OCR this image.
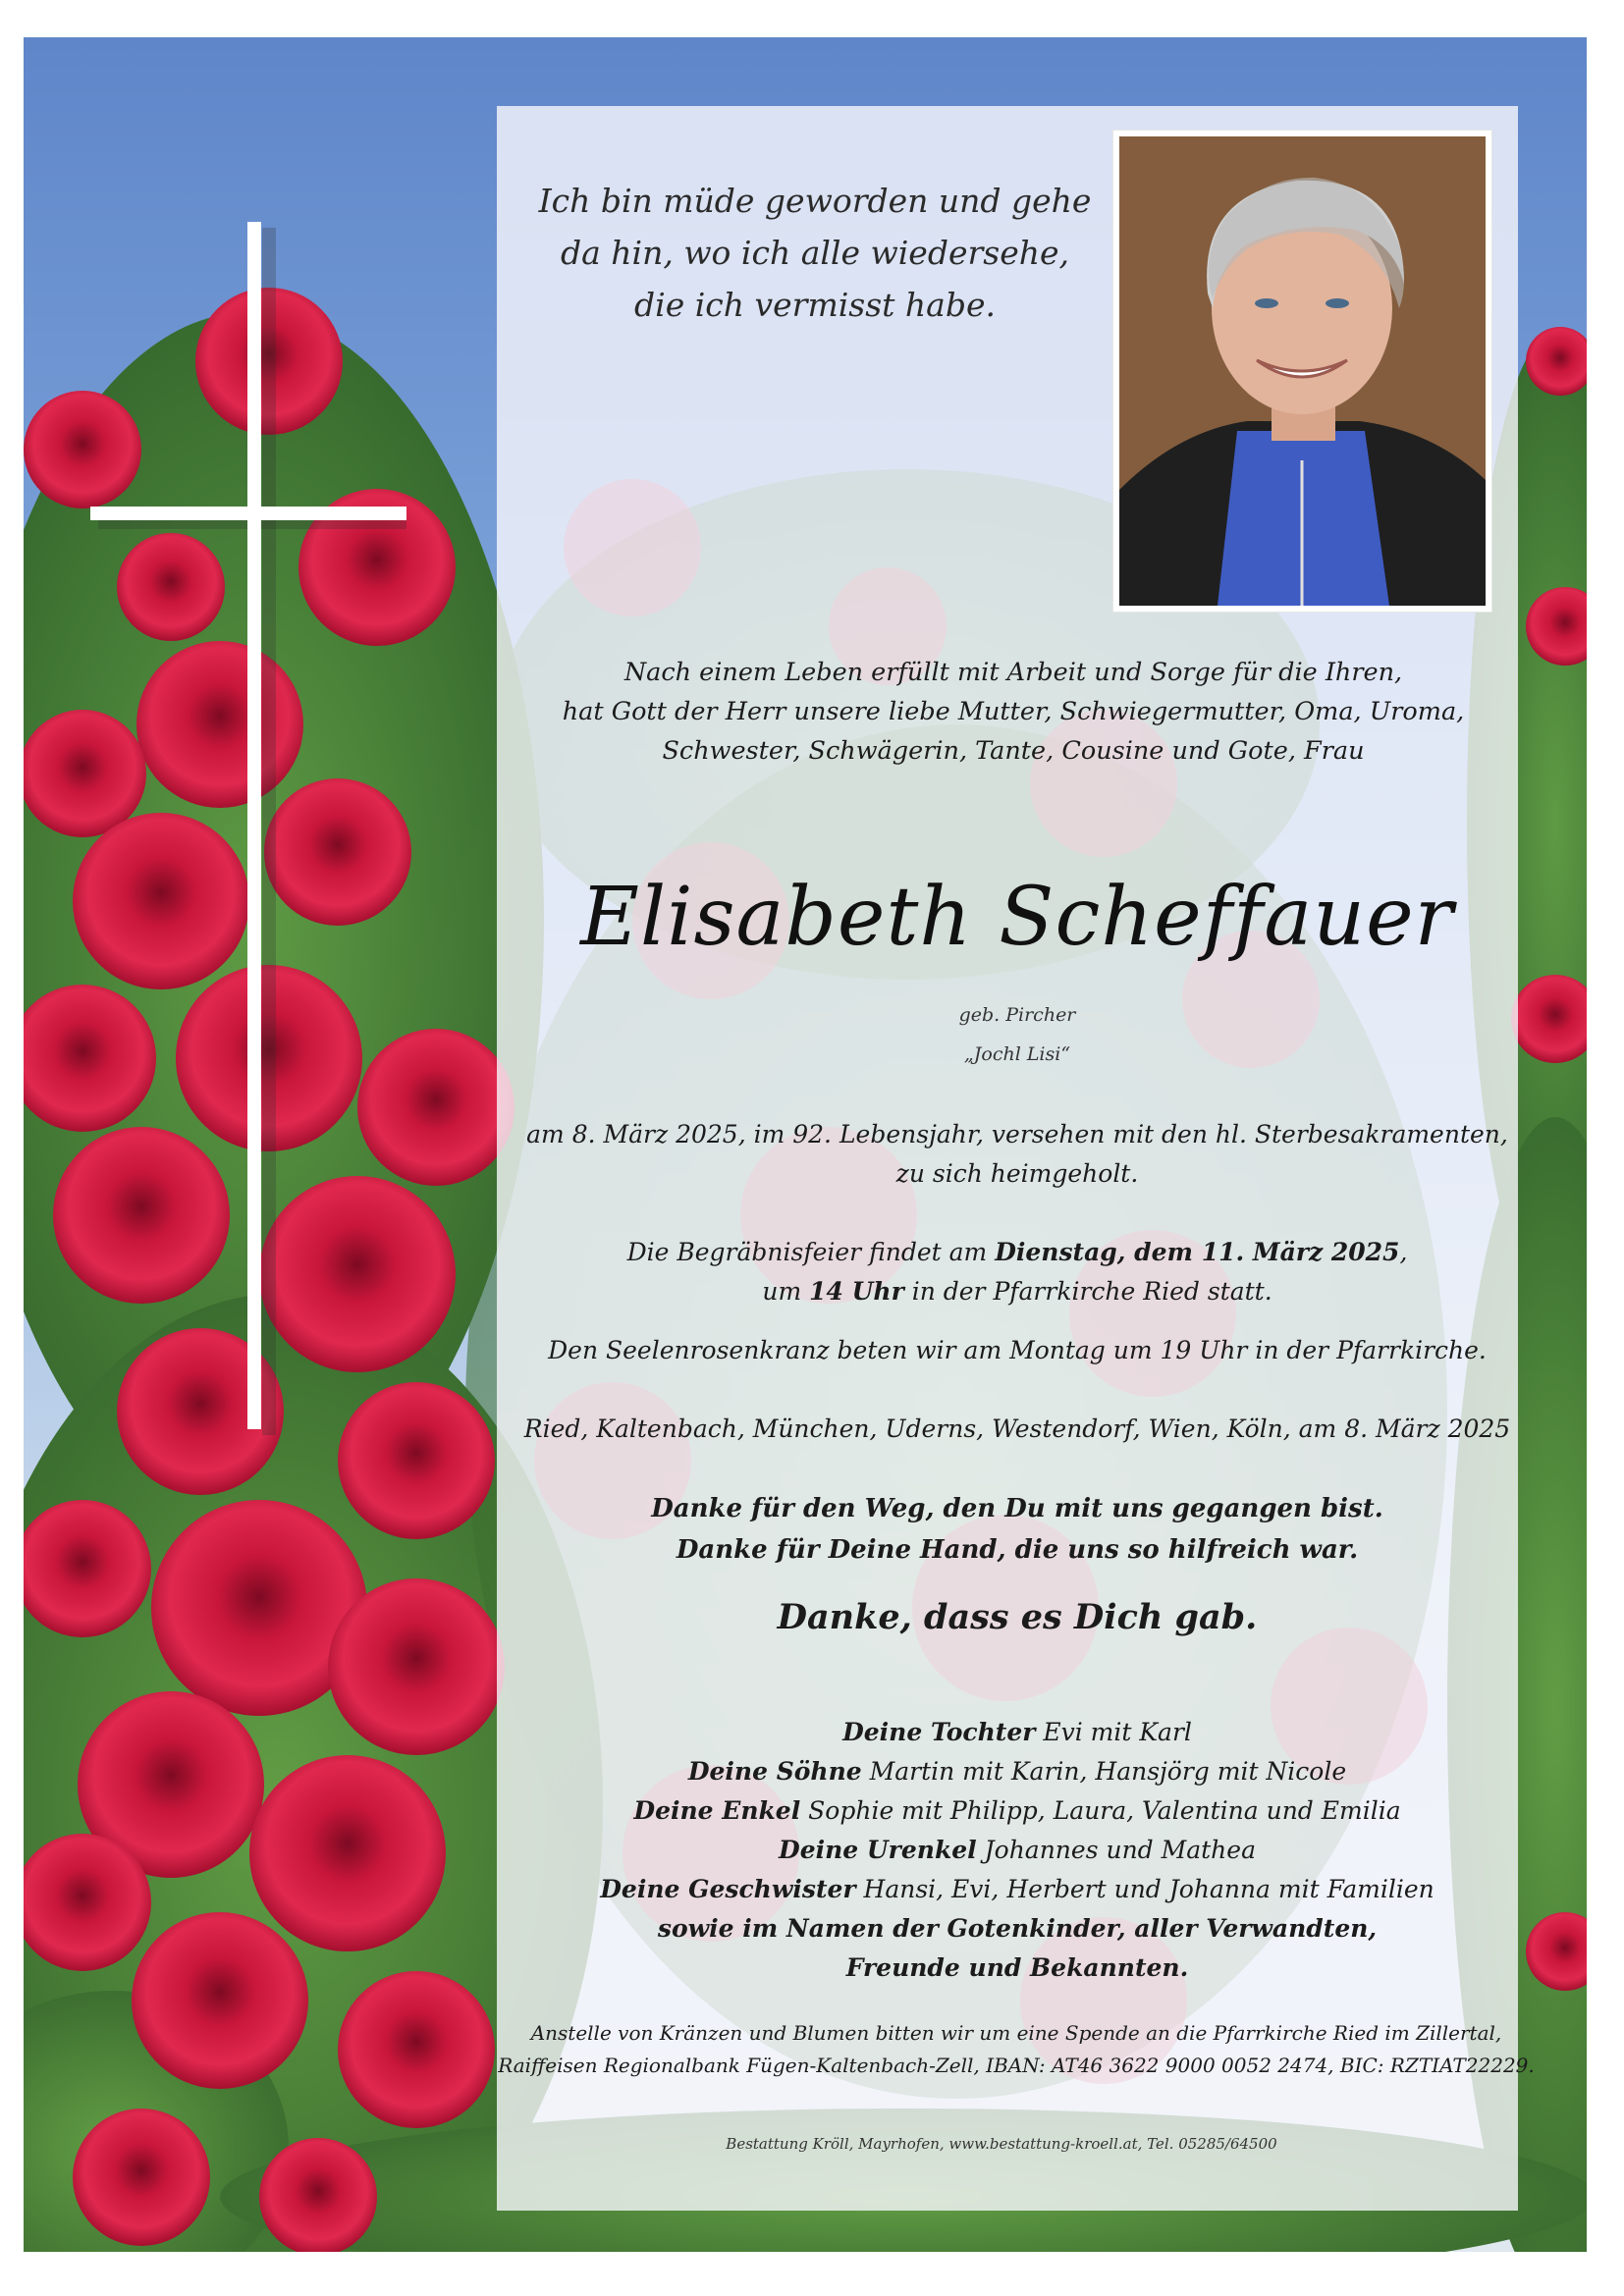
Ich bin müde geworden und gehe
da hin, wo ich alle wiedersehe,
die ich vermisst habe.
Nach einem Leben erfüllt mit Arbeit und Sorge für die Ihren,
hat Gott der Herr unsere liebe Mutter, Schwiegermutter, Oma, Uroma,
Schwester, Schwägerin, Tante, Cousine und Gote, Frau
Elisabeth Scheffauer
geb. Pircher
„Jochl Lisi“
am 8. März 2025, im 92. Lebensjahr, versehen mit den hl. Sterbesakramenten,
zu sich heimgeholt.
Die Begräbnisfeier findet am Dienstag, dem 11. März 2025,
um 14 Uhr in der Pfarrkirche Ried statt.
Den Seelenrosenkranz beten wir am Montag um 19 Uhr in der Pfarrkirche.
Ried, Kaltenbach, München, Uderns, Westendorf, Wien, Köln, am 8. März 2025
Danke für den Weg, den Du mit uns gegangen bist.
Danke für Deine Hand, die uns so hilfreich war.
Danke, dass es Dich gab.
Deine Tochter Evi mit Karl
Deine Söhne Martin mit Karin, Hansjörg mit Nicole
Deine Enkel Sophie mit Philipp, Laura, Valentina und Emilia
Deine Urenkel Johannes und Mathea
Deine Geschwister Hansi, Evi, Herbert und Johanna mit Familien
sowie im Namen der Gotenkinder, aller Verwandten,
Freunde und Bekannten.
Anstelle von Kränzen und Blumen bitten wir um eine Spende an die Pfarrkirche Ried im Zillertal,
Raiffeisen Regionalbank Fügen-Kaltenbach-Zell, IBAN: AT46 3622 9000 0052 2474, BIC: RZTIAT22229.
Bestattung Kröll, Mayrhofen, www.bestattung-kroell.at, Tel. 05285/64500
